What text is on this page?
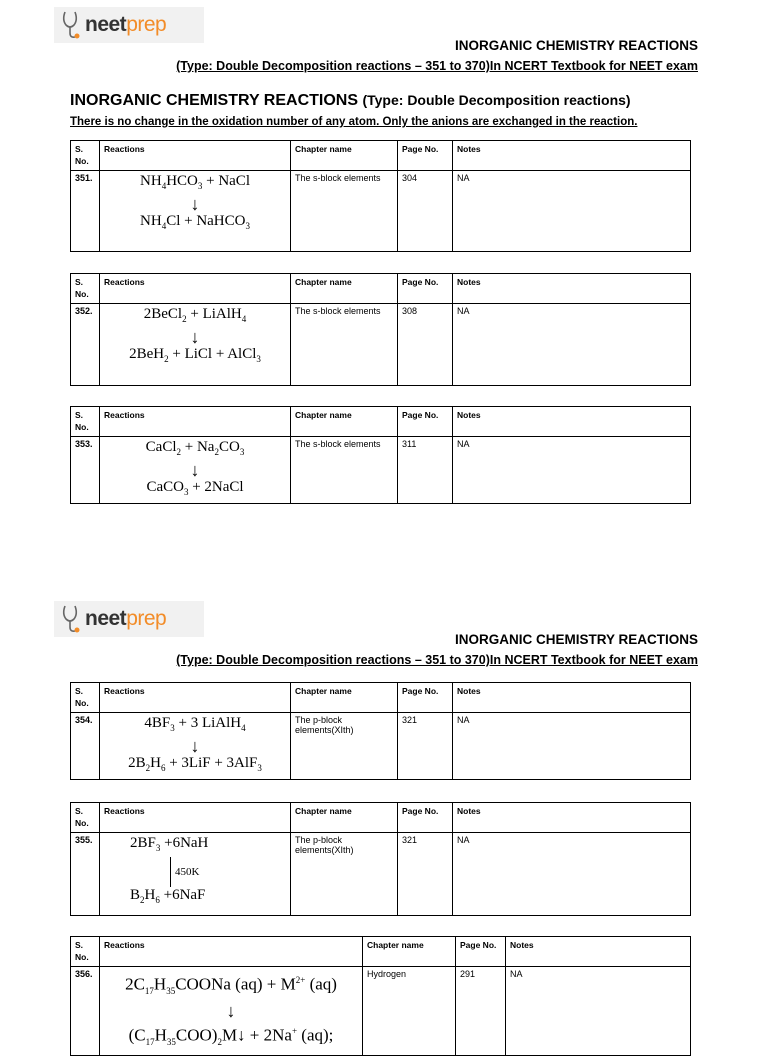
neetprep
INORGANIC CHEMISTRY REACTIONS
(Type: Double Decomposition reactions – 351 to 370)In NCERT Textbook for NEET exam
INORGANIC CHEMISTRY REACTIONS (Type: Double Decomposition reactions)
There is no change in the oxidation number of any atom. Only the anions are exchanged in the reaction.
S. No.	Reactions	Chapter name	Page No.	Notes
351.	$NH_4HCO_3$ + NaCl
↓
$NH_4Cl$ + NaHCO$_3$	The s-block elements	304	NA
S. No.	Reactions	Chapter name	Page No.	Notes
352.	2BeCl$_2$ + LiAlH$_4$
↓
2BeH$_2$ + LiCl + AlCl$_3$	The s-block elements	308	NA
S. No.	Reactions	Chapter name	Page No.	Notes
353.	CaCl$_2$ + $Na_2CO_3$
↓
CaCO$_3$ + 2NaCl	The s-block elements	311	NA
neetprep
INORGANIC CHEMISTRY REACTIONS
(Type: Double Decomposition reactions – 351 to 370)In NCERT Textbook for NEET exam
S. No.	Reactions	Chapter name	Page No.	Notes
354.	$4BF_3 + 3$ LiAlH$_4$
↓
$2B_2H_6 + 3LiF + 3AlF_3$	The p-block elements(XIth)	321	NA
S. No.	Reactions	Chapter name	Page No.	Notes
355.	$2BF_3 +6NaH$
450K
$B_2H_6 +6NaF$	The p-block elements(XIth)	321	NA
S. No.	Reactions	Chapter name	Page No.	Notes
356.	$2C_{17}H_{35}COONa$ $(aq) + M^{2+}$ (aq)
↓
$(C_{17}H_{35}COO)_2M↓ + 2Na^+$ (aq);	Hydrogen	291	NA
